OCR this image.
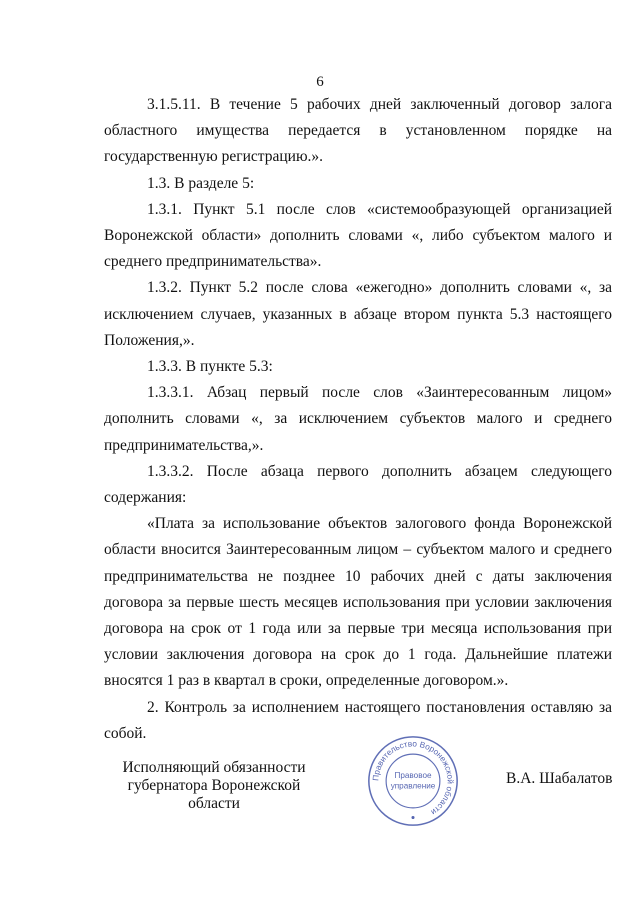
6

3.1.5.11. В течение 5 рабочих дней заключенный договор залога областного имущества передается в установленном порядке на государственную регистрацию.».

1.3. В разделе 5:

1.3.1. Пункт 5.1 после слов «системообразующей организацией Воронежской области» дополнить словами «, либо субъектом малого и среднего предпринимательства».

1.3.2. Пункт 5.2 после слова «ежегодно» дополнить словами «, за исключением случаев, указанных в абзаце втором пункта 5.3 настоящего Положения,».

1.3.3. В пункте 5.3:

1.3.3.1. Абзац первый после слов «Заинтересованным лицом» дополнить словами «, за исключением субъектов малого и среднего предпринимательства,».

1.3.3.2. После абзаца первого дополнить абзацем следующего содержания:

«Плата за использование объектов залогового фонда Воронежской области вносится Заинтересованным лицом – субъектом малого и среднего предпринимательства не позднее 10 рабочих дней с даты заключения договора за первые шесть месяцев использования при условии заключения договора на срок от 1 года или за первые три месяца использования при условии заключения договора на срок до 1 года. Дальнейшие платежи вносятся 1 раз в квартал в сроки, определенные договором.».

2. Контроль за исполнением настоящего постановления оставляю за собой.

Исполняющий обязанности
губернатора Воронежской области
Правительство Воронежской области
Правовое
управление	В.А. Шабалатов
